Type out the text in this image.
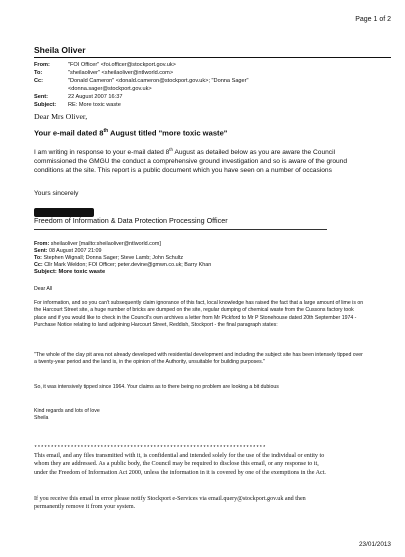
Page 1 of 2
Sheila Oliver
From:	"FOI Officer" <foi.officer@stockport.gov.uk>
To:	"sheilaoliver" <sheilaoliver@ntlworld.com>
Cc:	"Donald Cameron" <donald.cameron@stockport.gov.uk>; "Donna Sager"
<donna.sager@stockport.gov.uk>
Sent:	22 August 2007 16:37
Subject: RE: More toxic waste
Dear Mrs Oliver,
Your e-mail dated 8th August titled "more toxic waste"
I am writing in response to your e-mail dated 8th August as detailed below as you are aware the Council commissioned the GMGU the conduct a comprehensive ground investigation and so is aware of the ground conditions at the site. This report is a public document which you have seen on a number of occasions
Yours sincerely
Freedom of Information & Data Protection Processing Officer
From: sheilaoliver [mailto:sheilaoliver@ntlworld.com]
Sent: 08 August 2007 21:09
To: Stephen Wignall; Donna Sager; Steve Lamb; John Schultz
Cc: Cllr Mark Weldon; FOI Officer; peter.devine@gmwn.co.uk; Barry Khan
Subject: More toxic waste
Dear All
For information, and so you can't subsequently claim ignorance of this fact, local knowledge has raised the fact that a large amount of lime is on the Harcourt Street site, a huge number of bricks are dumped on the site, regular dumping of chemical waste from the Cussons factory took place and if you would like to check in the Council's own archives a letter from Mr Pickford to Mr P Stonehouse dated 20th September 1974 - Purchase Notice relating to land adjoining Harcourt Street, Reddish, Stockport - the final paragraph states:
"The whole of the clay pit area not already developed with residential development and including the subject site has been intensely tipped over a twenty-year period and the land is, in the opinion of the Authority, unsuitable for building purposes."
So, it was intensively tipped since 1964. Your claims as to there being no problem are looking a bit dubious
Kind regards and lots of love
Sheila
**********************************************************************
This email, and any files transmitted with it, is confidential and intended solely for the use of the individual or entity to whom they are addressed. As a public body, the Council may be required to disclose this email, or any response to it, under the Freedom of Information Act 2000, unless the information in it is covered by one of the exemptions in the Act.
If you receive this email in error please notify Stockport e-Services via email.query@stockport.gov.uk and then permanently remove it from your system.
23/01/2013
